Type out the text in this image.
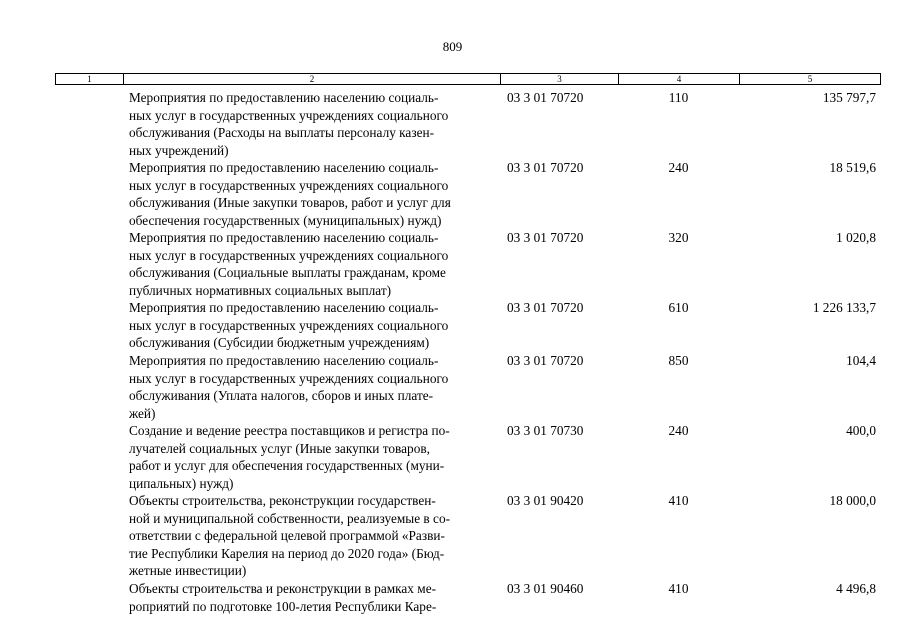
809
1	2	3	4	5
Мероприятия по предоставлению населению социаль-
ных услуг в государственных учреждениях социального
обслуживания (Расходы на выплаты персоналу казен-
ных учреждений)
03 3 01 70720	110	135 797,7
Мероприятия по предоставлению населению социаль-
ных услуг в государственных учреждениях социального
обслуживания (Иные закупки товаров, работ и услуг для
обеспечения государственных (муниципальных) нужд)
03 3 01 70720	240	18 519,6
Мероприятия по предоставлению населению социаль-
ных услуг в государственных учреждениях социального
обслуживания (Социальные выплаты гражданам, кроме
публичных нормативных социальных выплат)
03 3 01 70720	320	1 020,8
Мероприятия по предоставлению населению социаль-
ных услуг в государственных учреждениях социального
обслуживания (Субсидии бюджетным учреждениям)
03 3 01 70720	610	1 226 133,7
Мероприятия по предоставлению населению социаль-
ных услуг в государственных учреждениях социального
обслуживания (Уплата налогов, сборов и иных плате-
жей)
03 3 01 70720	850	104,4
Создание и ведение реестра поставщиков и регистра по-
лучателей социальных услуг (Иные закупки товаров,
работ и услуг для обеспечения государственных (муни-
ципальных) нужд)
03 3 01 70730	240	400,0
Объекты строительства, реконструкции государствен-
ной и муниципальной собственности, реализуемые в со-
ответствии с федеральной целевой программой «Разви-
тие Республики Карелия на период до 2020 года» (Бюд-
жетные инвестиции)
03 3 01 90420	410	18 000,0
Объекты строительства и реконструкции в рамках ме-
роприятий по подготовке 100-летия Республики Каре-
03 3 01 90460	410	4 496,8
